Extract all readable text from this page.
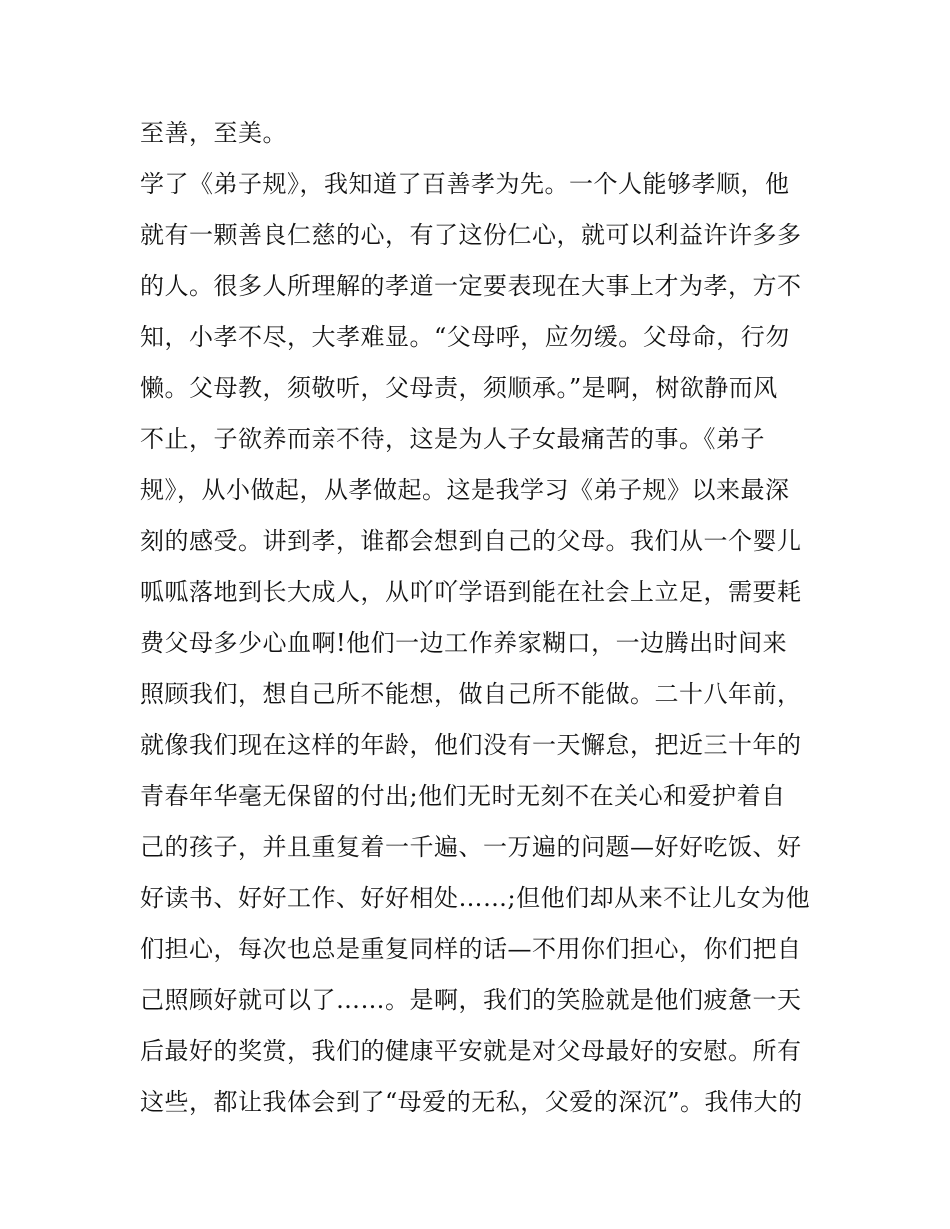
至善，至美。
学了《弟子规》，我知道了百善孝为先。一个人能够孝顺，他
就有一颗善良仁慈的心，有了这份仁心，就可以利益许许多多
的人。很多人所理解的孝道一定要表现在大事上才为孝，方不
知，小孝不尽，大孝难显。“父母呼，应勿缓。父母命，行勿
懒。父母教，须敬听，父母责，须顺承。”是啊，树欲静而风
不止，子欲养而亲不待，这是为人子女最痛苦的事。《弟子
规》，从小做起，从孝做起。这是我学习《弟子规》以来最深
刻的感受。讲到孝，谁都会想到自己的父母。我们从一个婴儿
呱呱落地到长大成人，从吖吖学语到能在社会上立足，需要耗
费父母多少心血啊!他们一边工作养家糊口，一边腾出时间来
照顾我们，想自己所不能想，做自己所不能做。二十八年前，
就像我们现在这样的年龄，他们没有一天懈怠，把近三十年的
青春年华毫无保留的付出;他们无时无刻不在关心和爱护着自
己的孩子，并且重复着一千遍、一万遍的问题—好好吃饭、好
好读书、好好工作、好好相处……;但他们却从来不让儿女为他
们担心，每次也总是重复同样的话—不用你们担心，你们把自
己照顾好就可以了……。是啊，我们的笑脸就是他们疲惫一天
后最好的奖赏，我们的健康平安就是对父母最好的安慰。所有
这些，都让我体会到了“母爱的无私，父爱的深沉”。我伟大的
